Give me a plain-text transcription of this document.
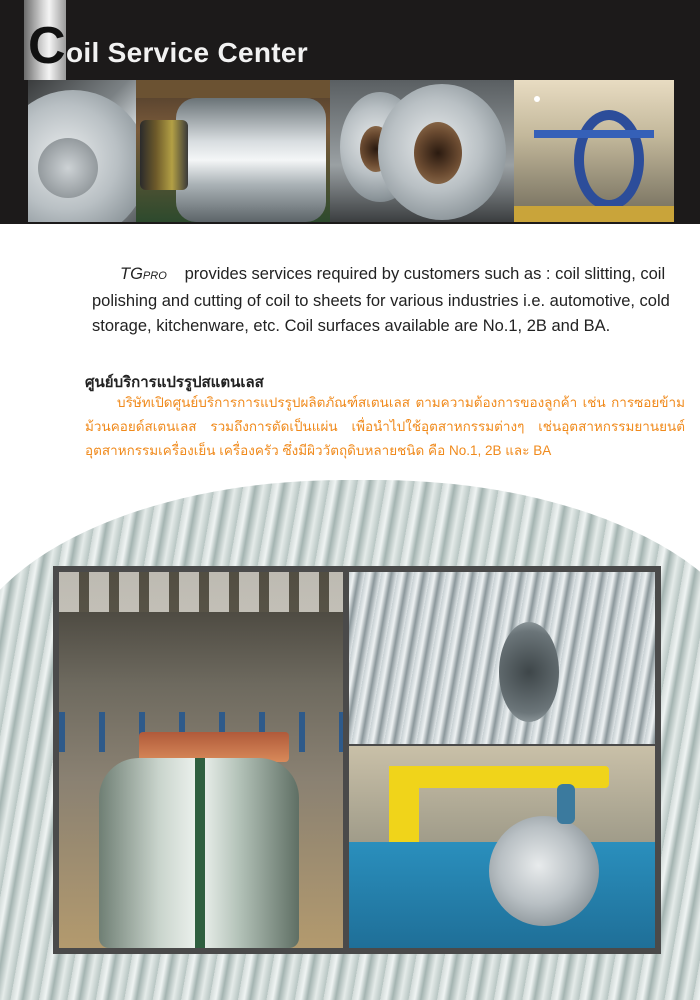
C oil Service Center
TGPRO provides services required by customers such as : coil slitting, coil polishing and cutting of coil to sheets for various industries i.e. automotive, cold storage, kitchenware, etc. Coil surfaces available are No.1, 2B and BA.
ศูนย์บริการแปรรูปสแตนเลส
บริษัทเปิดศูนย์บริการการแปรรูปผลิตภัณฑ์สเตนเลส ตามความต้องการของลูกค้า เช่น การซอยข้ามม้วนคอยด์สเตนเลส รวมถึงการตัดเป็นแผ่น เพื่อนำไปใช้อุตสาหกรรมต่างๆ เช่นอุตสาหกรรมยานยนต์ อุตสาหกรรมเครื่องเย็น เครื่องครัว ซึ่งมีผิววัตถุดิบหลายชนิด คือ No.1, 2B และ BA
